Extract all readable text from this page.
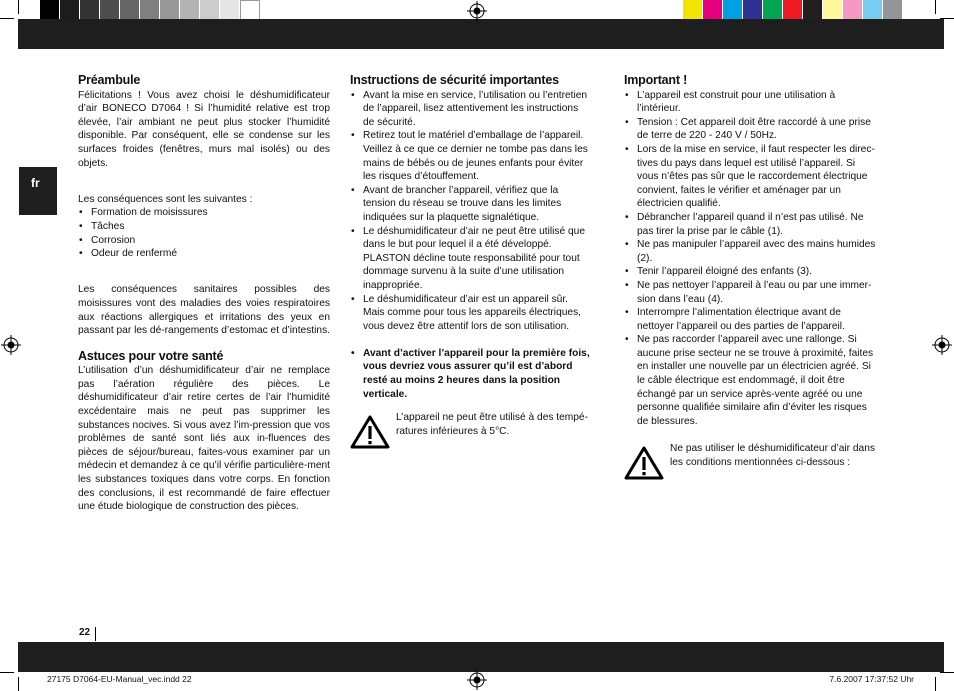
fr
Préambule

Félicitations ! Vous avez choisi le déshumidificateur d’air BONECO D7064 ! Si l’humidité relative est trop élevée, l’air ambiant ne peut plus stocker l’humidité disponible. Par conséquent, elle se condense sur les surfaces froides (fenêtres, murs mal isolés) ou des objets.

Les conséquences sont les suivantes :

• Formation de moisissures
• Tâches
• Corrosion
• Odeur de renfermé

Les conséquences sanitaires possibles des moisissures vont des maladies des voies respiratoires aux réactions allergiques et irritations des yeux en passant par les dé-rangements d’estomac et d’intestins.

Astuces pour votre santé

L’utilisation d’un déshumidificateur d’air ne remplace pas l’aération régulière des pièces. Le déshumidificateur d’air retire certes de l’air l’humidité excédentaire mais ne peut pas supprimer les substances nocives. Si vous avez l’im-pression que vos problèmes de santé sont liés aux in-fluences des pièces de séjour/bureau, faites-vous examiner par un médecin et demandez à ce qu’il vérifie particulière-ment les substances toxiques dans votre corps. En fonction des conclusions, il est recommandé de faire effectuer une étude biologique de construction des pièces.

Instructions de sécurité importantes
• Avant la mise en service, l’utilisation ou l’entretien de l’appareil, lisez attentivement les instructions de sécurité.
• Retirez tout le matériel d’emballage de l’appareil. Veillez à ce que ce dernier ne tombe pas dans les mains de bébés ou de jeunes enfants pour éviter les risques d’étouffement.
• Avant de brancher l’appareil, vérifiez que la tension du réseau se trouve dans les limites indiquées sur la plaquette signalétique.
• Le déshumidificateur d’air ne peut être utilisé que dans le but pour lequel il a été développé. PLASTON décline toute responsabilité pour tout dommage survenu à la suite d’une utilisation inappropriée.
• Le déshumidificateur d’air est un appareil sûr. Mais comme pour tous les appareils électriques, vous devez être attentif lors de son utilisation.
• Avant d’activer l’appareil pour la première fois, vous devriez vous assurer qu’il est d’abord resté au moins 2 heures dans la position verticale.

L’appareil ne peut être utilisé à des tempé-ratures inférieures à 5°C.

Important !
• L’appareil est construit pour une utilisation à l’intérieur.
• Tension : Cet appareil doit être raccordé à une prise de terre de 220 - 240 V / 50Hz.
• Lors de la mise en service, il faut respecter les direc-tives du pays dans lequel est utilisé l’appareil. Si vous n’êtes pas sûr que le raccordement électrique convient, faites le vérifier et aménager par un électricien qualifié.
• Débrancher l’appareil quand il n’est pas utilisé. Ne pas tirer la prise par le câble (1).
• Ne pas manipuler l’appareil avec des mains humides (2).
• Tenir l’appareil éloigné des enfants (3).
• Ne pas nettoyer l’appareil à l’eau ou par une immer-sion dans l’eau (4).
• Interrompre l’alimentation électrique avant de nettoyer l’appareil ou des parties de l’appareil.
• Ne pas raccorder l’appareil avec une rallonge. Si aucune prise secteur ne se trouve à proximité, faites en installer une nouvelle par un électricien agréé. Si le câble électrique est endommagé, il doit être échangé par un service après-vente agréé ou une personne qualifiée similaire afin d’éviter les risques de blessures.

Ne pas utiliser le déshumidificateur d’air dans les conditions mentionnées ci-dessous :

22
27175 D7064-EU-Manual_vec.indd 22	7.6.2007 17:37:52 Uhr
